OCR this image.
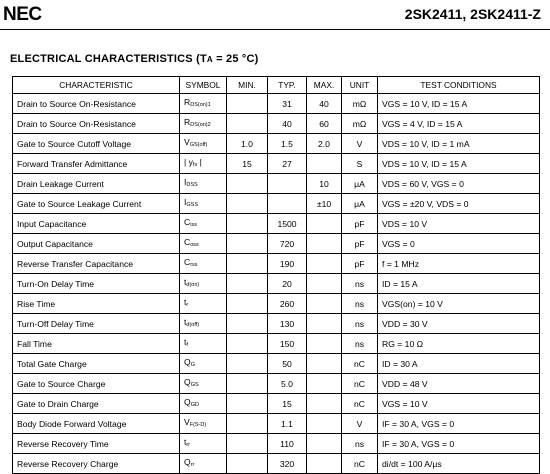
NEC	2SK2411, 2SK2411-Z
ELECTRICAL CHARACTERISTICS (TA = 25 °C)
CHARACTERISTIC	SYMBOL	MIN.	TYP.	MAX.	UNIT	TEST CONDITIONS
Drain to Source On-Resistance	RDS(on)1		31	40	mΩ	VGS = 10 V, ID = 15 A
Drain to Source On-Resistance	RDS(on)2		40	60	mΩ	VGS = 4 V, ID = 15 A
Gate to Source Cutoff Voltage	VGS(off)	1.0	1.5	2.0	V	VDS = 10 V, ID = 1 mA
Forward Transfer Admittance	| yfs |	15	27		S	VDS = 10 V, ID = 15 A
Drain Leakage Current	IDSS			10	μA	VDS = 60 V, VGS = 0
Gate to Source Leakage Current	IGSS			±10	μA	VGS = ±20 V, VDS = 0
Input Capacitance	Ciss		1500		pF	VDS = 10 V
Output Capacitance	Coss		720		pF	VGS = 0
Reverse Transfer Capacitance	Crss		190		pF	f = 1 MHz
Turn-On Delay Time	td(on)		20		ns	ID = 15 A
Rise Time	tr		260		ns	VGS(on) = 10 V
Turn-Off Delay Time	td(off)		130		ns	VDD = 30 V
Fall Time	tf		150		ns	RG = 10 Ω
Total Gate Charge	QG		50		nC	ID = 30 A
Gate to Source Charge	QGS		5.0		nC	VDD = 48 V
Gate to Drain Charge	QGD		15		nC	VGS = 10 V
Body Diode Forward Voltage	VF(S-D)		1.1		V	IF = 30 A, VGS = 0
Reverse Recovery Time	trr		110		ns	IF = 30 A, VGS = 0
Reverse Recovery Charge	Qrr		320		nC	di/dt = 100 A/μs
